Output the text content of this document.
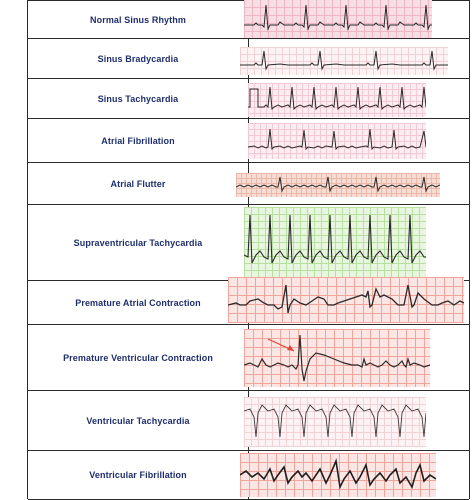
Normal Sinus Rhythm
Sinus Bradycardia
Sinus Tachycardia
Atrial Fibrillation
Atrial Flutter
Supraventricular Tachycardia
Premature Atrial Contraction
Premature Ventricular Contraction
Ventricular Tachycardia
Ventricular Fibrillation
